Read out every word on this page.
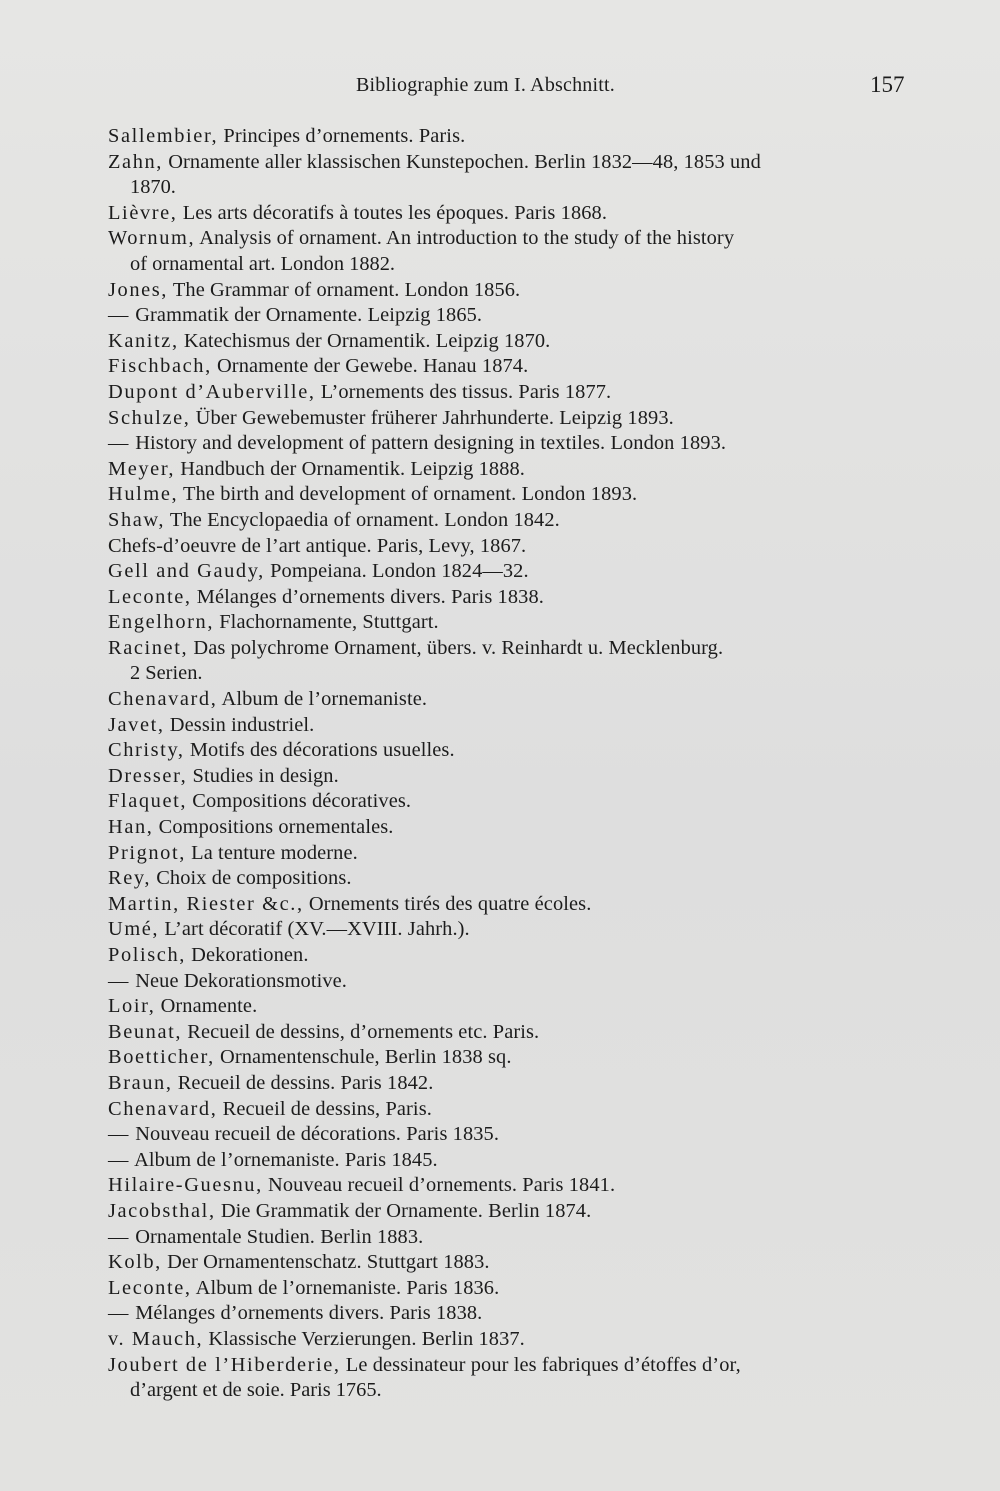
Bibliographie zum I. Abschnitt.	157
Sallembier, Principes d’ornements. Paris.
Zahn, Ornamente aller klassischen Kunstepochen. Berlin 1832—48, 1853 und
1870.
Lièvre, Les arts décoratifs à toutes les époques. Paris 1868.
Wornum, Analysis of ornament. An introduction to the study of the history
of ornamental art. London 1882.
Jones, The Grammar of ornament. London 1856.
— Grammatik der Ornamente. Leipzig 1865.
Kanitz, Katechismus der Ornamentik. Leipzig 1870.
Fischbach, Ornamente der Gewebe. Hanau 1874.
Dupont d’Auberville, L’ornements des tissus. Paris 1877.
Schulze, Über Gewebemuster früherer Jahrhunderte. Leipzig 1893.
— History and development of pattern designing in textiles. London 1893.
Meyer, Handbuch der Ornamentik. Leipzig 1888.
Hulme, The birth and development of ornament. London 1893.
Shaw, The Encyclopaedia of ornament. London 1842.
Chefs-d’oeuvre de l’art antique. Paris, Levy, 1867.
Gell and Gaudy, Pompeiana. London 1824—32.
Leconte, Mélanges d’ornements divers. Paris 1838.
Engelhorn, Flachornamente, Stuttgart.
Racinet, Das polychrome Ornament, übers. v. Reinhardt u. Mecklenburg.
2 Serien.
Chenavard, Album de l’ornemaniste.
Javet, Dessin industriel.
Christy, Motifs des décorations usuelles.
Dresser, Studies in design.
Flaquet, Compositions décoratives.
Han, Compositions ornementales.
Prignot, La tenture moderne.
Rey, Choix de compositions.
Martin, Riester &c., Ornements tirés des quatre écoles.
Umé, L’art décoratif (XV.—XVIII. Jahrh.).
Polisch, Dekorationen.
— Neue Dekorationsmotive.
Loir, Ornamente.
Beunat, Recueil de dessins, d’ornements etc. Paris.
Boetticher, Ornamentenschule, Berlin 1838 sq.
Braun, Recueil de dessins. Paris 1842.
Chenavard, Recueil de dessins, Paris.
— Nouveau recueil de décorations. Paris 1835.
— Album de l’ornemaniste. Paris 1845.
Hilaire-Guesnu, Nouveau recueil d’ornements. Paris 1841.
Jacobsthal, Die Grammatik der Ornamente. Berlin 1874.
— Ornamentale Studien. Berlin 1883.
Kolb, Der Ornamentenschatz. Stuttgart 1883.
Leconte, Album de l’ornemaniste. Paris 1836.
— Mélanges d’ornements divers. Paris 1838.
v. Mauch, Klassische Verzierungen. Berlin 1837.
Joubert de l’Hiberderie, Le dessinateur pour les fabriques d’étoffes d’or,
d’argent et de soie. Paris 1765.
